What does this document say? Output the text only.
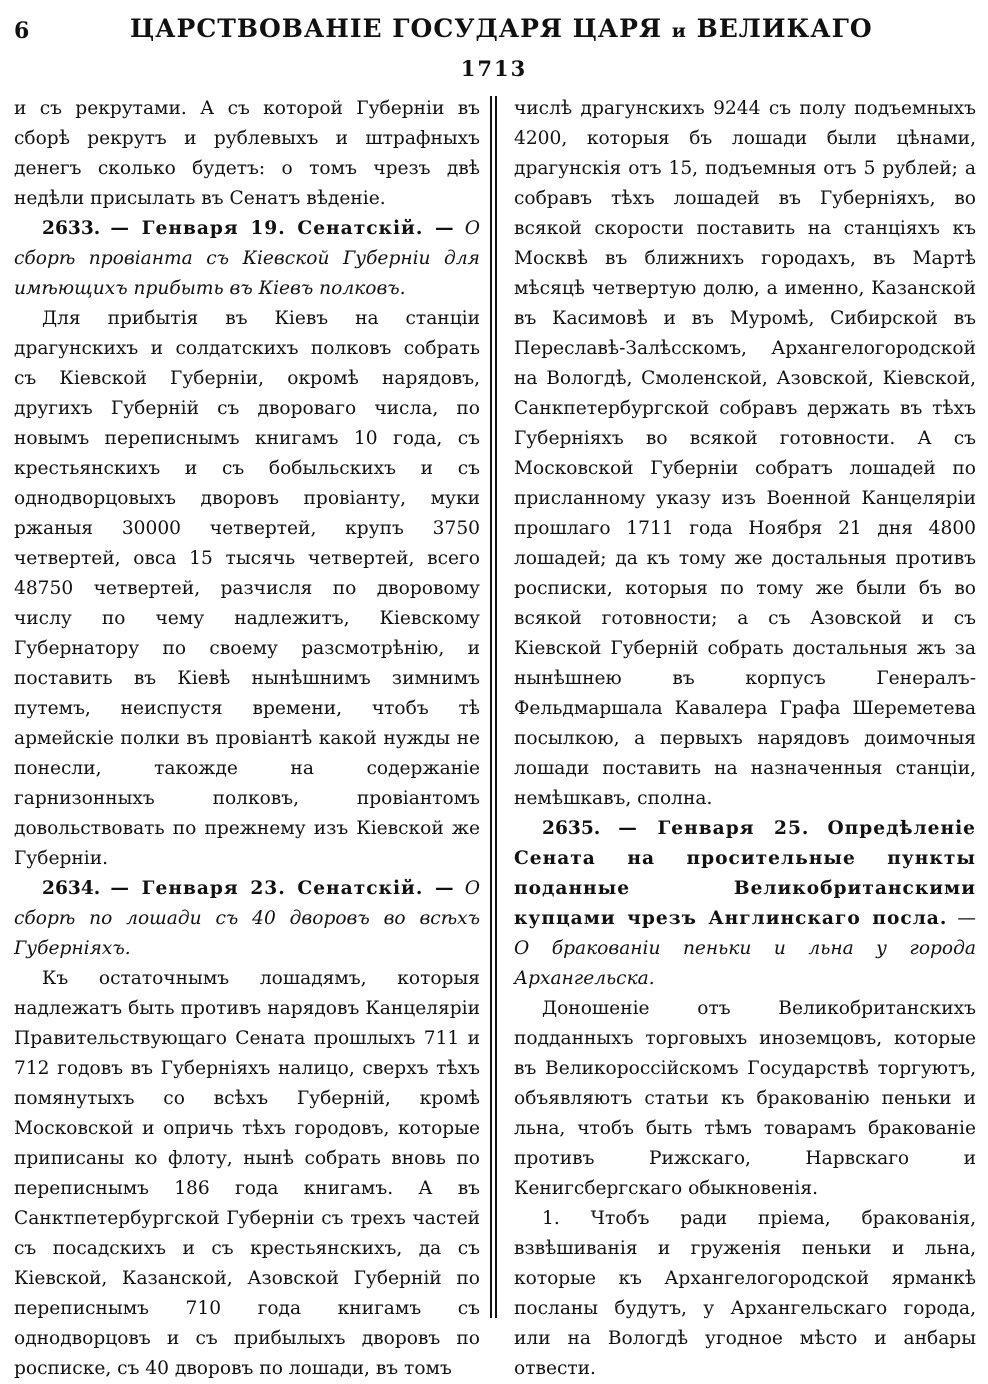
6	ЦАРСТВОВАНІЕ ГОСУДАРЯ ЦАРЯ и ВЕЛИКАГО
1713

и съ рекрутами. А съ которой Губерніи въ сборѣ рекрутъ и рублевыхъ и штрафныхъ денегъ сколько будетъ: о томъ чрезъ двѣ недѣли присылать въ Сенатъ вѣденіе.

2633. — Генваря 19. Сенатскій. — О сборѣ провіанта съ Кіевской Губерніи для имѣющихъ прибыть въ Кіевъ полковъ.

Для прибытія въ Кіевъ на станціи драгунскихъ и солдатскихъ полковъ собрать съ Кіевской Губерніи, окромѣ нарядовъ, другихъ Губерній съ двороваго числа, по новымъ переписнымъ книгамъ 10 года, съ крестьянскихъ и съ бобыльскихъ и съ однодворцовыхъ дворовъ провіанту, муки ржаныя 30000 четвертей, крупъ 3750 четвертей, овса 15 тысячь четвертей, всего 48750 четвертей, разчисля по дворовому числу по чему надлежитъ, Кіевскому Губернатору по своему разсмотрѣнію, и поставить въ Кіевѣ нынѣшнимъ зимнимъ путемъ, неиспустя времени, чтобъ тѣ армейскіе полки въ провіантѣ какой нужды не понесли, такожде на содержаніе гарнизонныхъ полковъ, провіантомъ довольствовать по прежнему изъ Кіевской же Губерніи.

2634. — Генваря 23. Сенатскій. — О сборѣ по лошади съ 40 дворовъ во всѣхъ Губерніяхъ.

Къ остаточнымъ лошадямъ, которыя надлежатъ быть противъ нарядовъ Канцеляріи Правительствующаго Сената прошлыхъ 711 и 712 годовъ въ Губерніяхъ налицо, сверхъ тѣхъ помянутыхъ со всѣхъ Губерній, кромѣ Московской и опричь тѣхъ городовъ, которые приписаны ко флоту, нынѣ собрать вновь по переписнымъ 186 года книгамъ. А въ Санктпетербургской Губерніи съ трехъ частей съ посадскихъ и съ крестьянскихъ, да съ Кіевской, Казанской, Азовской Губерній по переписнымъ 710 года книгамъ съ однодворцовъ и съ прибылыхъ дворовъ по росписке, съ 40 дворовъ по лошади, въ томъ

числѣ драгунскихъ 9244 съ полу подъемныхъ 4200, которыя бъ лошади были цѣнами, драгунскія отъ 15, подъемныя отъ 5 рублей; а собравъ тѣхъ лошадей въ Губерніяхъ, во всякой скорости поставить на станціяхъ къ Москвѣ въ ближнихъ городахъ, въ Мартѣ мѣсяцѣ четвертую долю, а именно, Казанской въ Касимовѣ и въ Муромѣ, Сибирской въ Переславѣ-Залѣсскомъ, Архангелогородской на Вологдѣ, Смоленской, Азовской, Кіевской, Санкпетербургской собравъ держать въ тѣхъ Губерніяхъ во всякой готовности. А съ Московской Губерніи собратъ лошадей по присланному указу изъ Военной Канцеляріи прошлаго 1711 года Ноября 21 дня 4800 лошадей; да къ тому же достальныя противъ росписки, которыя по тому же были бъ во всякой готовности; а съ Азовской и съ Кіевской Губерній собрать достальныя жъ за нынѣшнею въ корпусъ Генералъ-Фельдмаршала Кавалера Графа Шереметева посылкою, а первыхъ нарядовъ доимочныя лошади поставить на назначенныя станціи, немѣшкавъ, сполна.

2635. — Генваря 25. Опредѣленіе Сената на просительные пункты поданные Великобританскими купцами чрезъ Англинскаго посла. — О бракованіи пеньки и льна у города Архангельска.

Доношеніе отъ Великобританскихъ подданныхъ торговыхъ иноземцовъ, которые въ Великороссійскомъ Государствѣ торгуютъ, объявляютъ статьи къ бракованію пеньки и льна, чтобъ быть тѣмъ товарамъ бракованіе противъ Рижскаго, Нарвскаго и Кенигсбергскаго обыкновенія.

1. Чтобъ ради пріема, бракованія, взвѣшиванія и груженія пеньки и льна, которые къ Архангелогородской ярманкѣ посланы будутъ, у Архангельскаго города, или на Вологдѣ угодное мѣсто и анбары отвести.
